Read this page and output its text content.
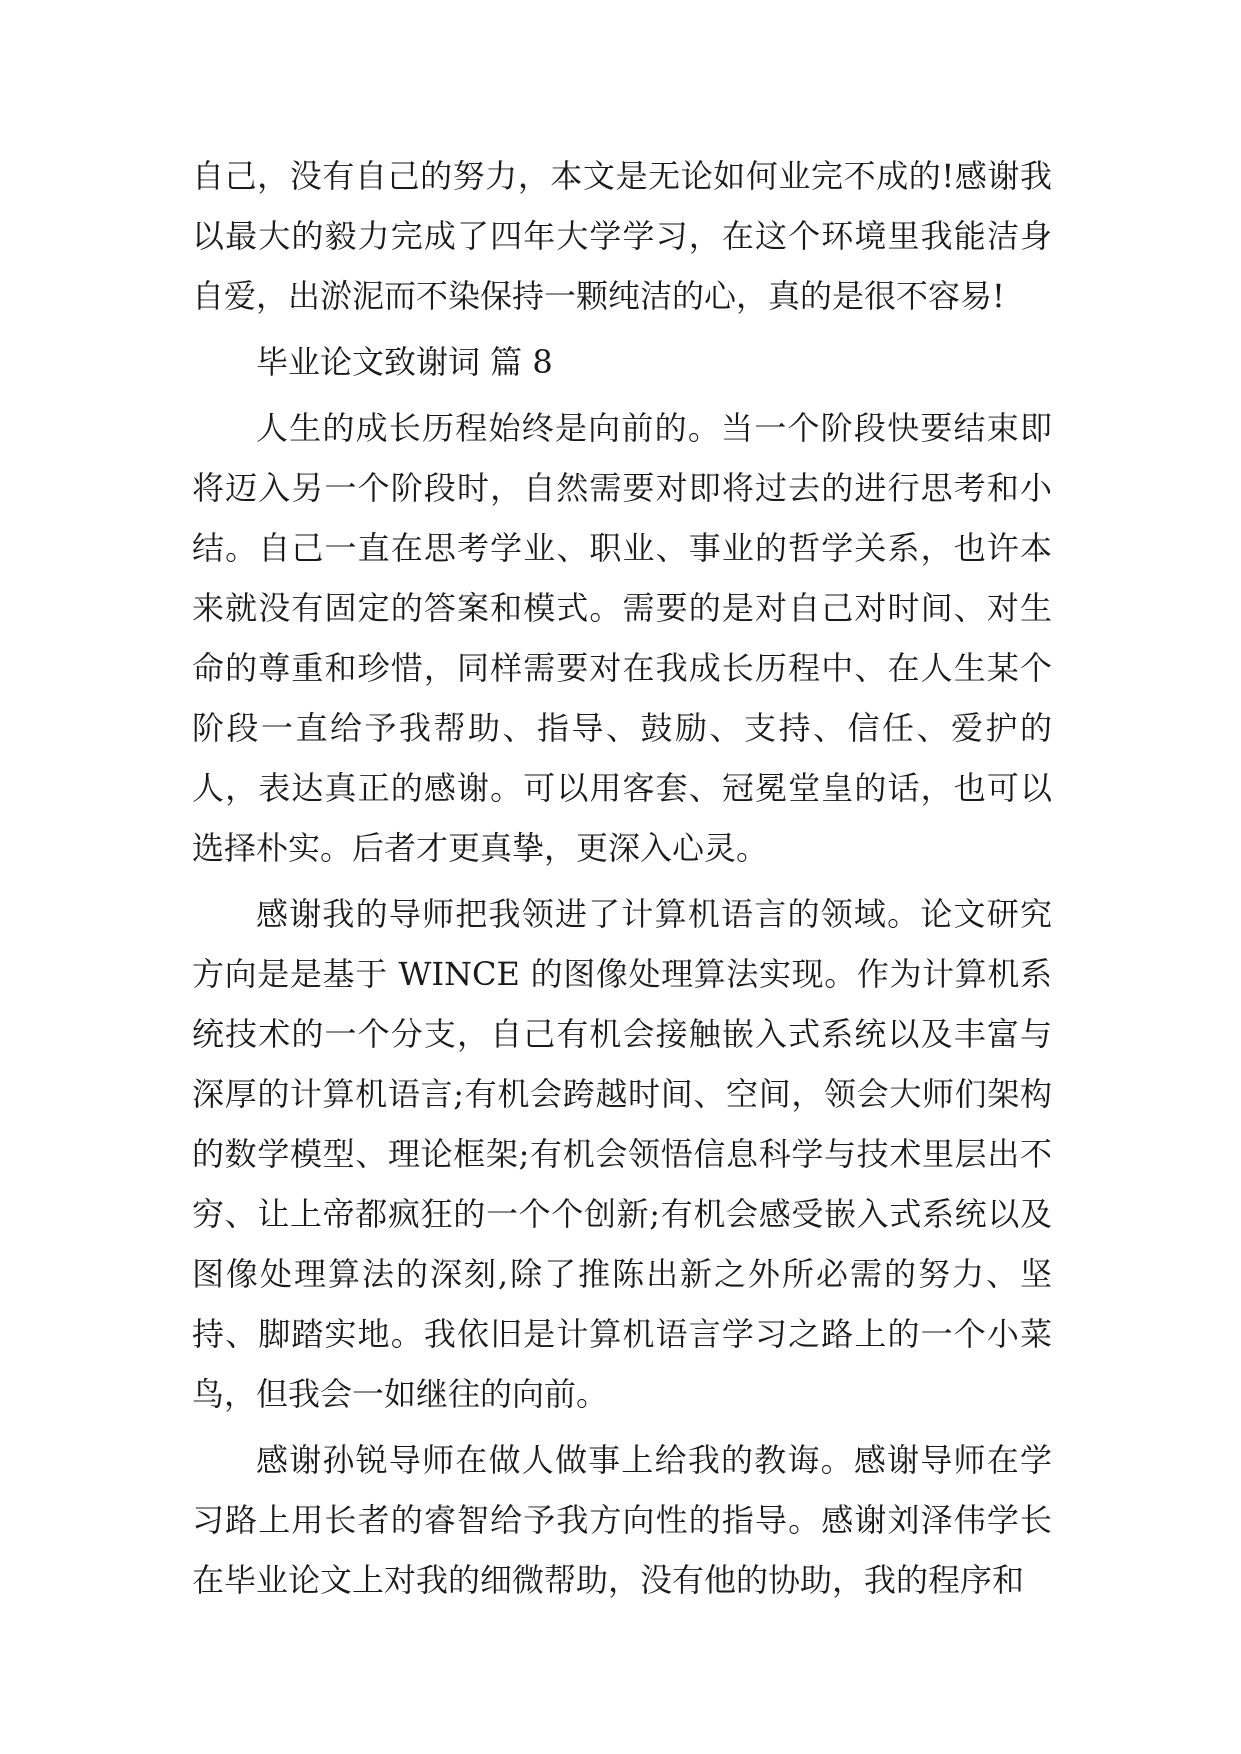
自己，没有自己的努力，本文是无论如何业完不成的!感谢我以最大的毅力完成了四年大学学习，在这个环境里我能洁身自爱，出淤泥而不染保持一颗纯洁的心，真的是很不容易!

毕业论文致谢词 篇 8

人生的成长历程始终是向前的。当一个阶段快要结束即将迈入另一个阶段时，自然需要对即将过去的进行思考和小结。自己一直在思考学业、职业、事业的哲学关系，也许本来就没有固定的答案和模式。需要的是对自己对时间、对生命的尊重和珍惜，同样需要对在我成长历程中、在人生某个阶段一直给予我帮助、指导、鼓励、支持、信任、爱护的人，表达真正的感谢。可以用客套、冠冕堂皇的话，也可以选择朴实。后者才更真挚，更深入心灵。

感谢我的导师把我领进了计算机语言的领域。论文研究方向是是基于 WINCE 的图像处理算法实现。作为计算机系统技术的一个分支，自己有机会接触嵌入式系统以及丰富与深厚的计算机语言;有机会跨越时间、空间，领会大师们架构的数学模型、理论框架;有机会领悟信息科学与技术里层出不穷、让上帝都疯狂的一个个创新;有机会感受嵌入式系统以及图像处理算法的深刻,除了推陈出新之外所必需的努力、坚持、脚踏实地。我依旧是计算机语言学习之路上的一个小菜鸟，但我会一如继往的向前。

感谢孙锐导师在做人做事上给我的教诲。感谢导师在学习路上用长者的睿智给予我方向性的指导。感谢刘泽伟学长在毕业论文上对我的细微帮助，没有他的协助，我的程序和
